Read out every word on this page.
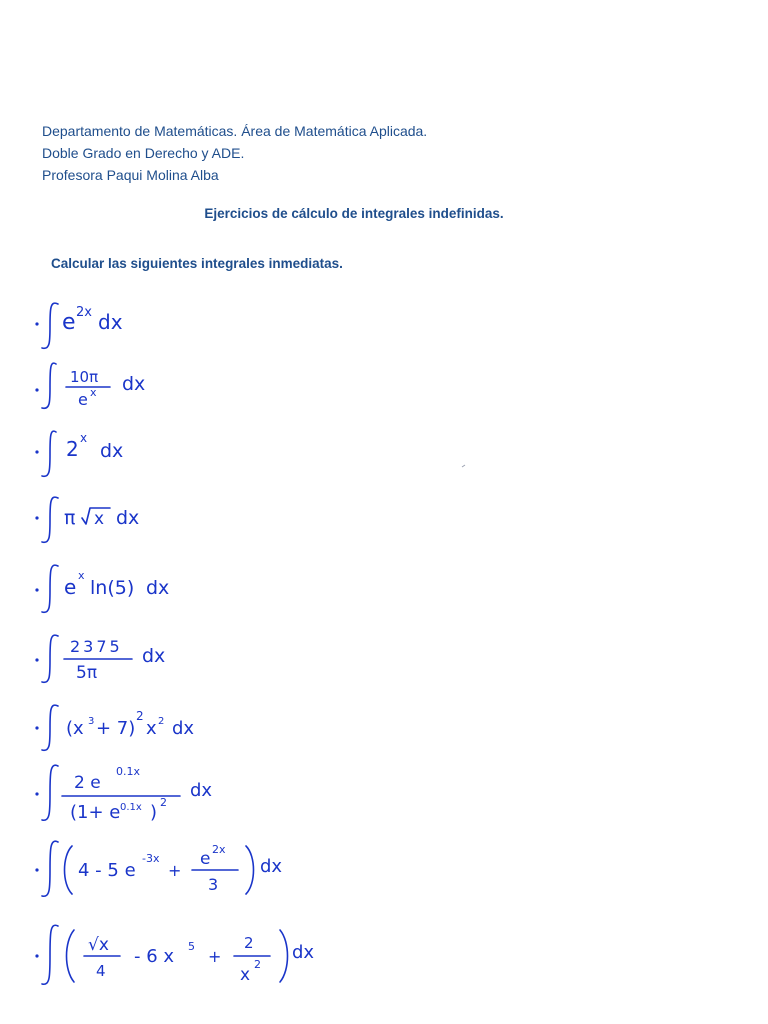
Departamento de Matemáticas. Área de Matemática Aplicada.
Doble Grado en Derecho y ADE.
Profesora Paqui Molina Alba
Ejercicios de cálculo de integrales indefinidas.
Calcular las siguientes integrales inmediatas.
e 2x dx
10π
e x dx
2 x
dx
π x dx
e x
ln(5) dx
2375
5π
dx
(x 3 + 7)
2
x 2 dx
2 e
0.1x
(1+ e 0.1x ) 2
dx
4 - 5 e
-3x
+
e 2x
3
dx
√x
4
- 6 x 5
+
2
x
2
dx
